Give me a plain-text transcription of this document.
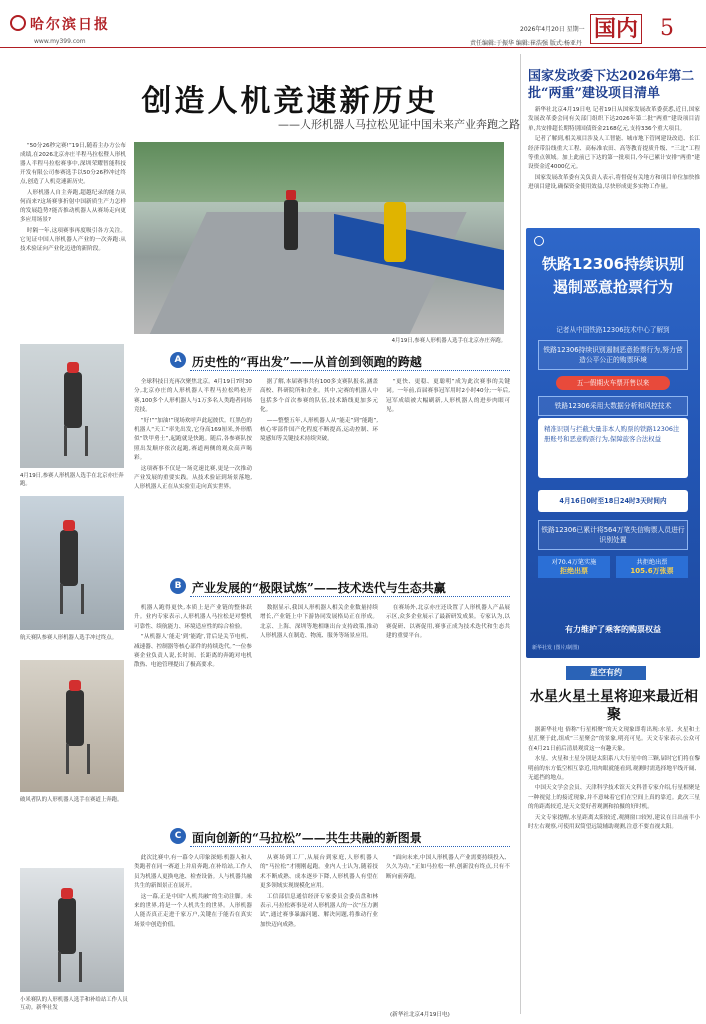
哈尔滨日报
www.my399.com
2026年4月20日 星期一
责任编辑:于振华 编辑:崔浩强 版式:杨亚丹
国内 5
创造人机竞速新历史
——人形机器人马拉松见证中国未来产业奔跑之路

“50分26秒完赛!”19日,随着主办方公布成绩,在2026北京亦庄半程马拉松暨人形机器人半程马拉松赛事中,深圳荣耀智能科技开发有限公司参赛选手以50分26秒冲过终点,创造了人机竞速新历史。

人形机器人自主奔跑,超越纪录的能力从何而来?这场赛事折射中国新质生产力怎样的发展趋势?能否推动机器人从赛场走向更多应用场景?

时隔一年,这项赛事再度吸引各方关注。它见证中国人形机器人产业的一次奔跑:从技术验证向产业化迈进的新阶段。

4月19日,参赛人形机器人选手在北京亦庄奔跑。
4月19日,参赛人形机器人选手在北京亦庄奔跑。
航天赛队参赛人形机器人选手冲过终点。
破风者队的人形机器人选手在赛道上奔跑。
小米赛队的人形机器人选手和补给站工作人员互动。新华社发
A 历史性的“再出发”——从首创到领跑的跨越

全球科技日光再次聚焦北京。4月19日7时30分,北京亦庄的人形机器人半程马拉松鸣枪开赛,100多个人形机器人与1万多名人类跑者同场竞技。

“好!”“加油!”现场欢呼声此起彼伏。红黑色的机器人“天工”率先出发,它身高169厘米,外形酷似“铁甲勇士”,起跑就是快跑。随后,各参赛队按照出发顺序依次起跑,赛道两侧的观众高声喝彩。

这项赛事不仅是一场竞速比赛,更是一次推动产业发展的重要实践。从技术验证到场景落地,人形机器人正在从实验室走向真实世界。

据了解,本届赛事共有100多支赛队报名,涵盖高校、科研院所和企业。其中,完赛的机器人中包括多个首次参赛的队伍,技术路线更加多元化。

——整整五年,人形机器人从“能走”到“能跑”,核心零部件国产化程度不断提高,运动控制、环境感知等关键技术持续突破。

“更快、更稳、更聪明”成为此次赛事的关键词。一年前,首届赛事冠军用时2小时40分;一年后,冠军成绩被大幅刷新,人形机器人的进步肉眼可见。

B 产业发展的“极限试炼”——技术迭代与生态共赢

机器人跑得更快,本质上是产业链的整体跃升。业内专家表示,人形机器人马拉松是对整机可靠性、续航能力、环境适应性的综合检验。

“从机器人‘能走’到‘能跑’,背后是关节电机、减速器、控制器等核心部件的持续迭代。”一位参赛企业负责人说,长时间、长距离的奔跑对电机散热、电池管理提出了极高要求。

数据显示,我国人形机器人相关企业数量持续增长,产业链上中下游协同发展格局正在形成。北京、上海、深圳等地相继出台支持政策,推动人形机器人在制造、物流、服务等场景应用。

在赛场外,北京亦庄还设置了人形机器人产品展示区,众多企业展示了最新研发成果。专家认为,以赛促研、以赛促用,赛事正成为技术迭代和生态共建的重要平台。

C 面向创新的“马拉松”——共生共融的新图景

此次比赛中,有一幕令人印象深刻:机器人和人类跑者在同一赛道上并肩奔跑,在补给站,工作人员为机器人更换电池、检查设备。人与机器共融共生的新图景正在展开。

这一幕,正是中国“人机共融”的生动注脚。未来的世界,将是一个人机共生的世界。人形机器人能否真正走进千家万户,关键在于能否在真实场景中创造价值。

从赛场到工厂,从展台到家庭,人形机器人的“马拉松”才刚刚起跑。业内人士认为,随着技术不断成熟、成本逐步下降,人形机器人有望在更多领域实现规模化应用。

工信部信息通信经济专家委员会委员盘和林表示,马拉松赛事是对人形机器人的一次“压力测试”,通过赛事暴露问题、解决问题,将推动行业加快迈向成熟。

“面向未来,中国人形机器人产业需要持续投入、久久为功。”正如马拉松一样,创新没有终点,只有不断向前奔跑。

(新华社北京4月19日电)
国家发改委下达2026年第二批“两重”建设项目清单

新华社北京4月19日电 记者19日从国家发展改革委获悉,近日,国家发展改革委会同有关部门组织下达2026年第二批“两重”建设项目清单,共安排超长期特别国债资金2168亿元,支持336个重大项目。

记者了解到,相关项目涉及人工智能、城市地下管网建设改造、长江经济带沿线重大工程、高标准农田、高等教育提质升级、“三北”工程等重点领域。加上此前已下达的第一批项目,今年已累计安排“两重”建设资金近4000亿元。

国家发展改革委有关负责人表示,将督促有关地方和项目单位加快推进项目建设,确保资金使用效益,尽快形成更多实物工作量。

铁路12306持续识别
遏制恶意抢票行为
记者从中国铁路12306技术中心了解到
铁路12306持续识别遏制恶意抢票行为,努力营造公平公正的购票环境
五一假期火车票开售以来
铁路12306采用大数据分析和风控技术
精准识别与拦截大量非本人购票的铁路12306注册账号和恶意购票行为,保障旅客合法权益
4月16日0时至18日24时3天时间内
铁路12306已累计将564万笔失信购票人员进行识别处置
对70.4万笔实施
拒绝出票
共拒绝出票
105.6万张票
有力维护了乘客的购票权益
新华社发 (图片/制图)
星空有约
水星火星土星将迎来最近相聚

据新华社电 俗称“行星相聚”的天文现象即将出现:水星、火星和土星汇聚于此,组成“三星聚会”的景象,明亮可见。天文专家表示,公众可在4月21日前后清晨观赏这一有趣天象。

水星、火星和土星分别是太阳系八大行星中的三颗,届时它们将在黎明前的东方低空相互靠近,用肉眼就能看到,观测时需选择地平线开阔、无遮挡的地点。

中国天文学会会员、天津科学技术馆天文科普专家介绍,行星相聚是一种视觉上的接近现象,并不意味着它们在空间上真的靠近。此次三星的角距离较近,是天文爱好者观测和拍摄的好时机。

天文专家提醒,水星距离太阳较近,观测窗口较短,建议在日出前半小时左右观察,可使用双筒望远镜辅助观测,注意不要直视太阳。
